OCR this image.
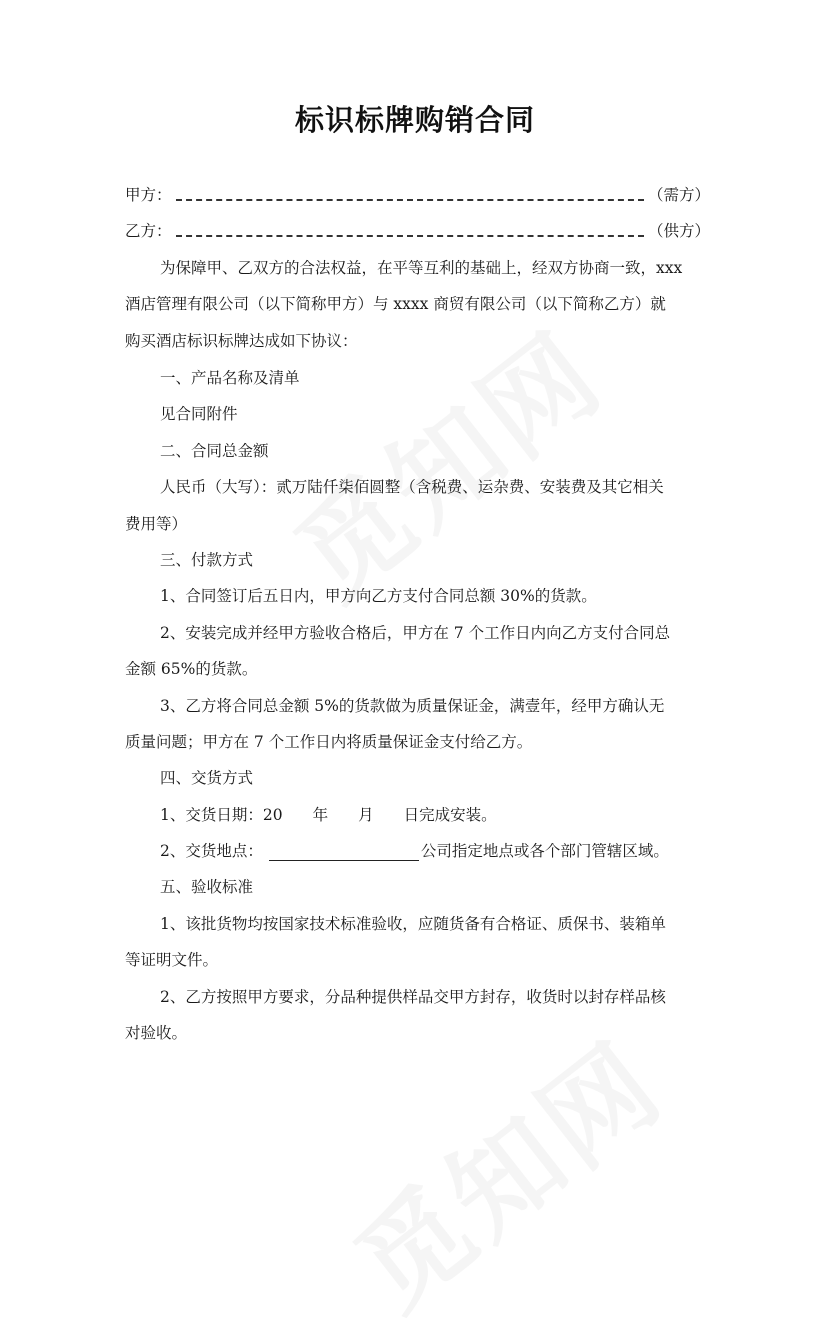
标识标牌购销合同
甲方：	（需方）
乙方：	（供方）
为保障甲、乙双方的合法权益，在平等互利的基础上，经双方协商一致，xxx
酒店管理有限公司（以下简称甲方）与 xxxx 商贸有限公司（以下简称乙方）就
购买酒店标识标牌达成如下协议：
一、产品名称及清单
见合同附件
二、合同总金额
人民币（大写）：贰万陆仟柒佰圆整（含税费、运杂费、安装费及其它相关
费用等）
三、付款方式
1、合同签订后五日内，甲方向乙方支付合同总额 30%的货款。
2、安装完成并经甲方验收合格后，甲方在 7 个工作日内向乙方支付合同总
金额 65%的货款。
3、乙方将合同总金额 5%的货款做为质量保证金，满壹年，经甲方确认无
质量问题；甲方在 7 个工作日内将质量保证金支付给乙方。
四、交货方式
1、交货日期：20 年 月 日完成安装。
2、交货地点：	公司指定地点或各个部门管辖区域。
五、验收标准
1、该批货物均按国家技术标准验收，应随货备有合格证、质保书、装箱单
等证明文件。
2、乙方按照甲方要求，分品种提供样品交甲方封存，收货时以封存样品核
对验收。
